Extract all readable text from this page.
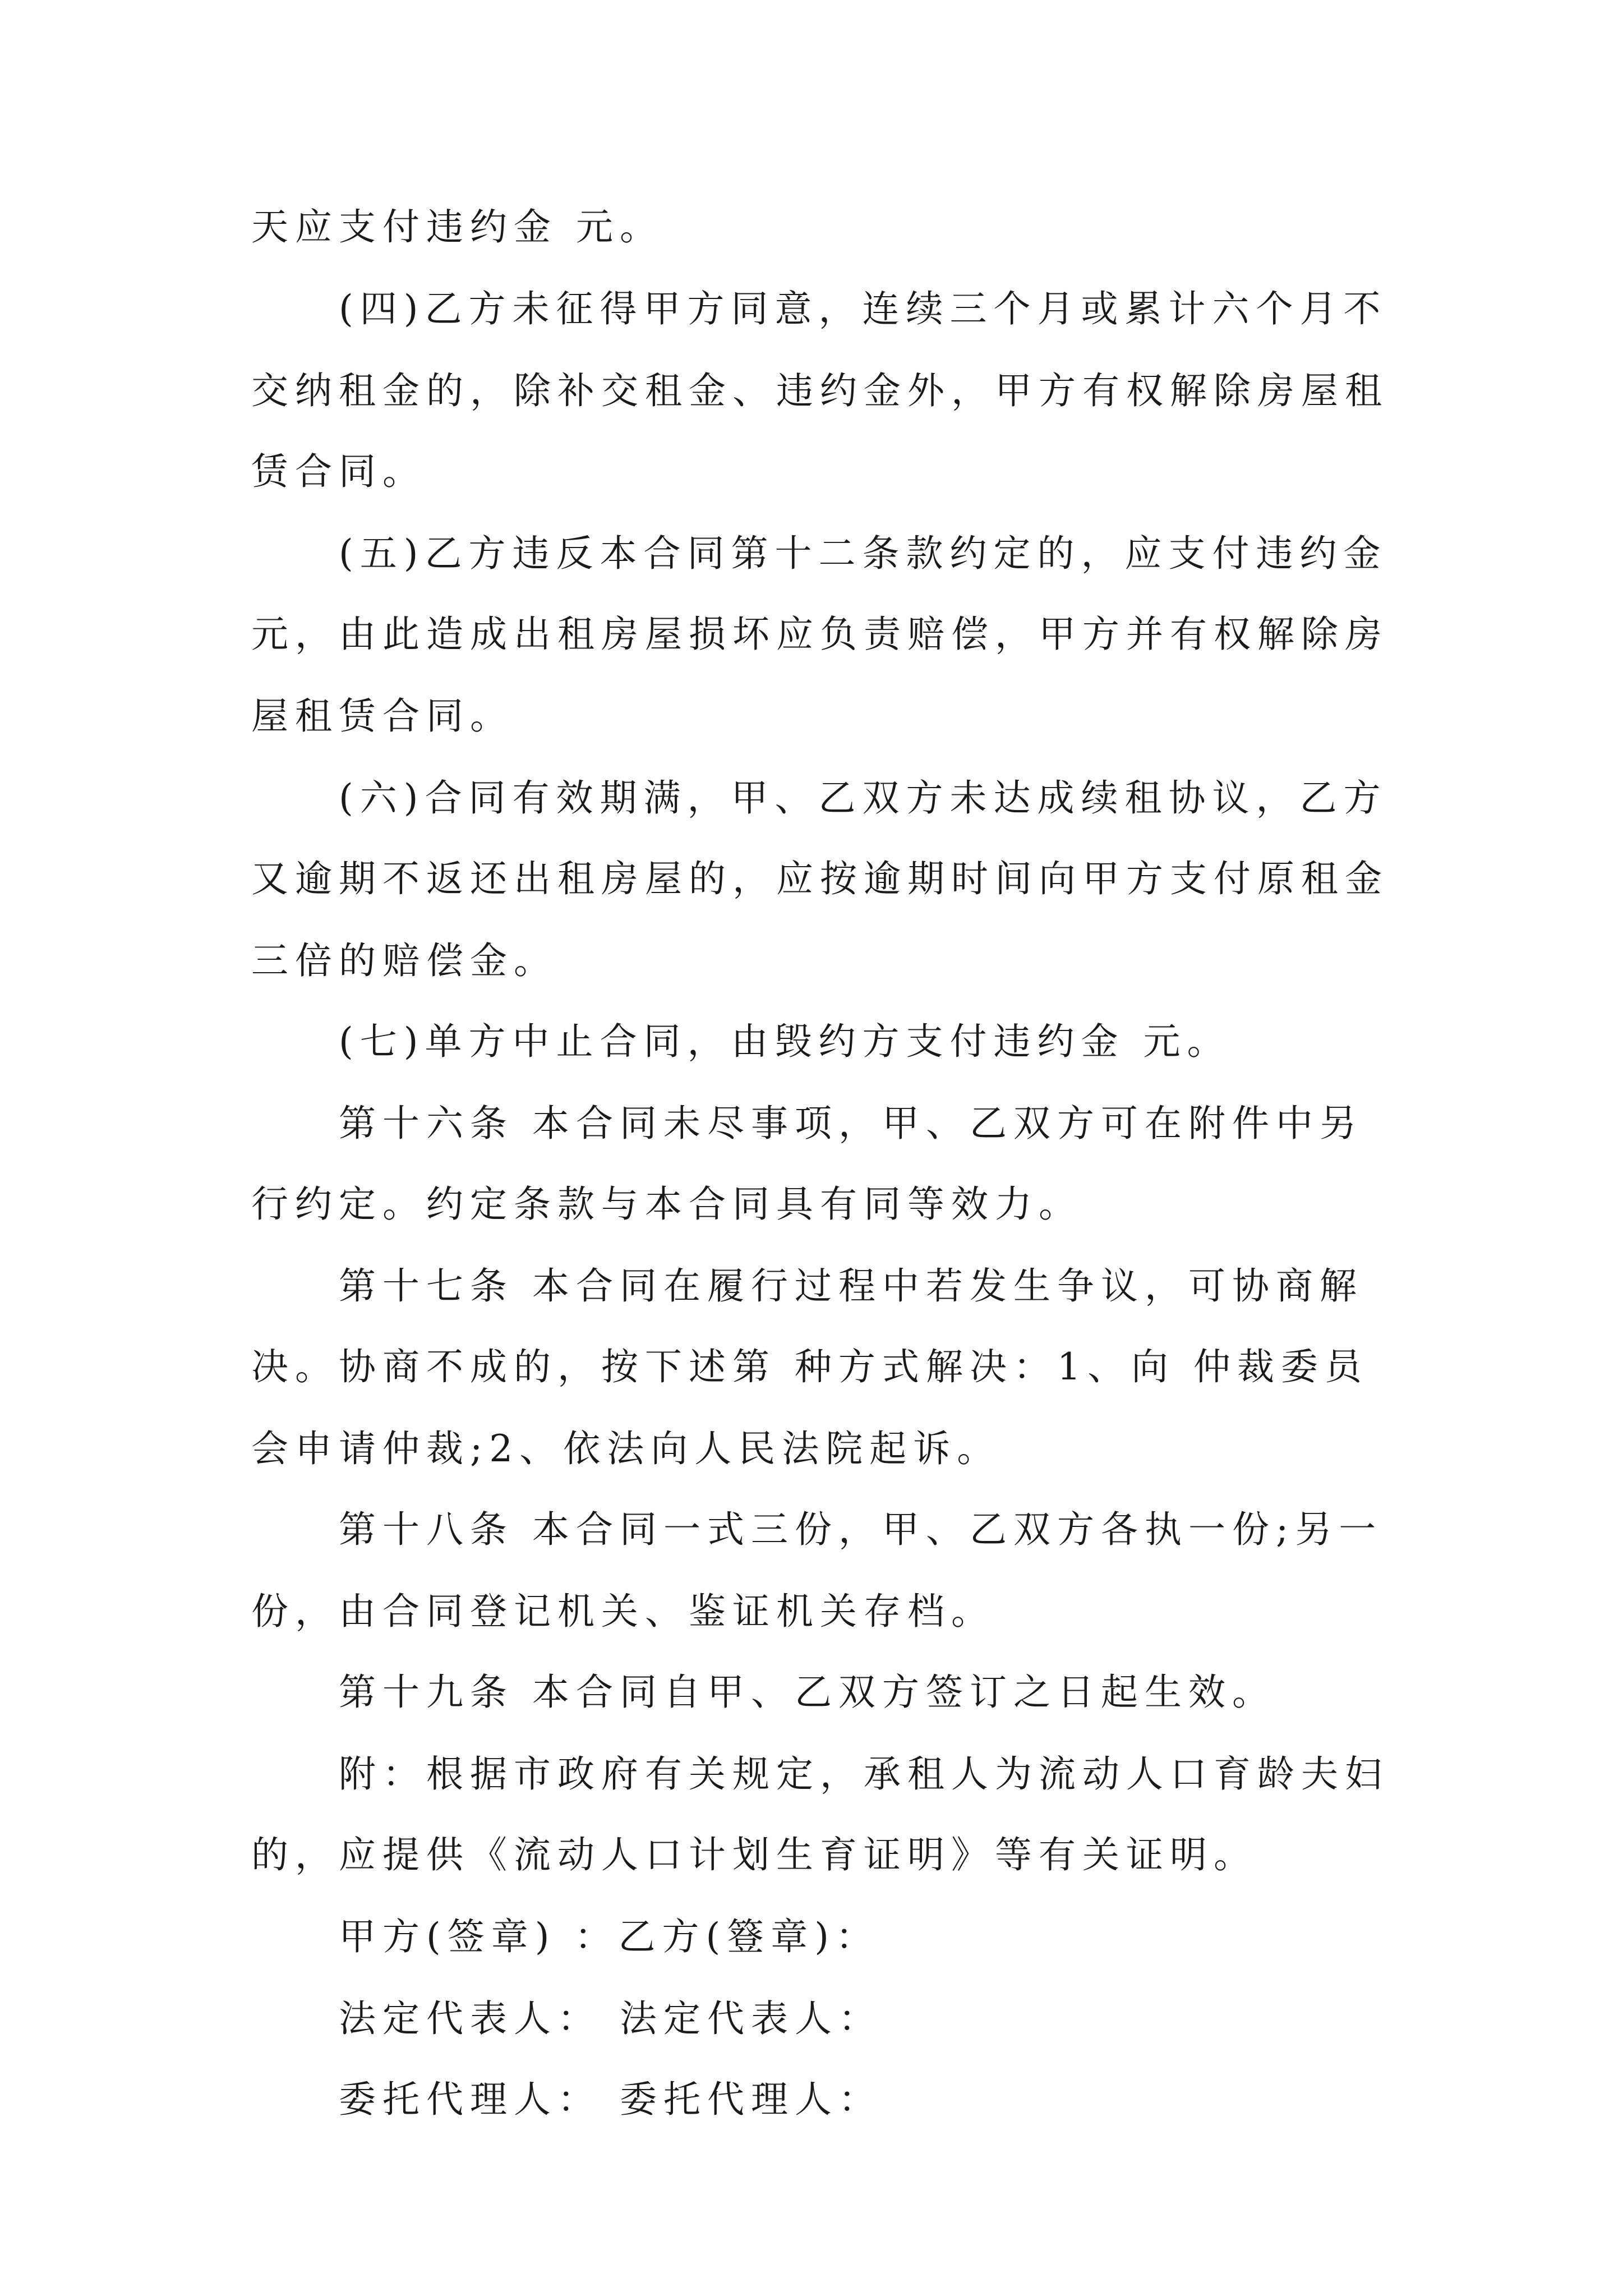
天应支付违约金 元。
(四)乙方未征得甲方同意，连续三个月或累计六个月不
交纳租金的，除补交租金、违约金外，甲方有权解除房屋租
赁合同。
(五)乙方违反本合同第十二条款约定的，应支付违约金
元，由此造成出租房屋损坏应负责赔偿，甲方并有权解除房
屋租赁合同。
(六)合同有效期满，甲、乙双方未达成续租协议，乙方
又逾期不返还出租房屋的，应按逾期时间向甲方支付原租金
三倍的赔偿金。
(七)单方中止合同，由毁约方支付违约金 元。
第十六条 本合同未尽事项，甲、乙双方可在附件中另
行约定。约定条款与本合同具有同等效力。
第十七条 本合同在履行过程中若发生争议，可协商解
决。协商不成的，按下述第 种方式解决：1、向 仲裁委员
会申请仲裁;2、依法向人民法院起诉。
第十八条 本合同一式三份，甲、乙双方各执一份;另一
份，由合同登记机关、鉴证机关存档。
第十九条 本合同自甲、乙双方签订之日起生效。
附：根据市政府有关规定，承租人为流动人口育龄夫妇
的，应提供《流动人口计划生育证明》等有关证明。
甲方(签章) ：乙方(簦章)：
法定代表人： 法定代表人：
委托代理人： 委托代理人：
